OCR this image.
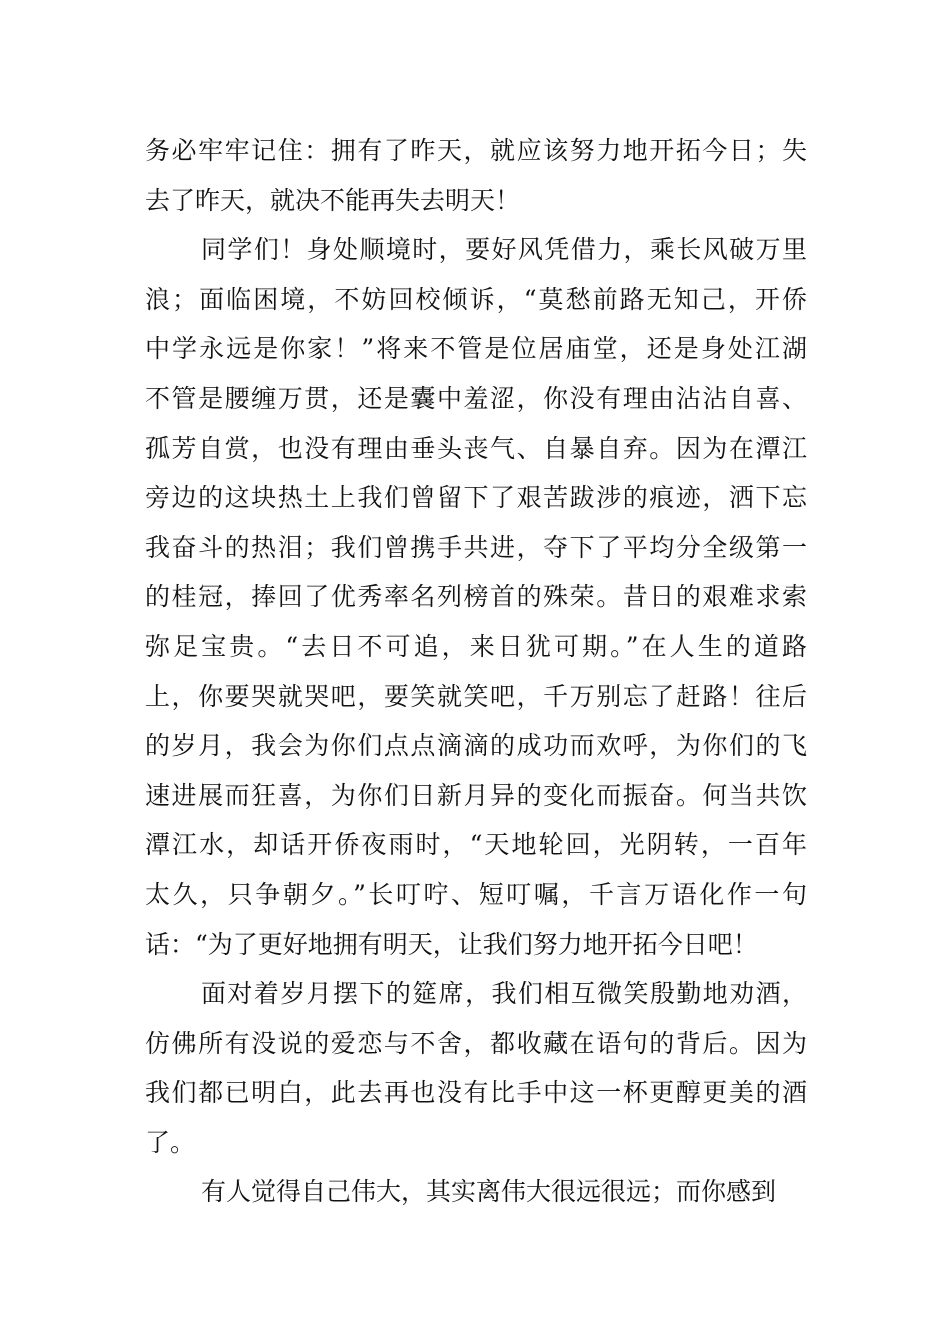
务必牢牢记住：拥有了昨天，就应该努力地开拓今日；失
去了昨天，就决不能再失去明天！
同学们！身处顺境时，要好风凭借力，乘长风破万里
浪；面临困境，不妨回校倾诉，“莫愁前路无知己，开侨
中学永远是你家！”将来不管是位居庙堂，还是身处江湖
不管是腰缠万贯，还是囊中羞涩，你没有理由沾沾自喜、
孤芳自赏，也没有理由垂头丧气、自暴自弃。因为在潭江
旁边的这块热土上我们曾留下了艰苦跋涉的痕迹，洒下忘
我奋斗的热泪；我们曾携手共进，夺下了平均分全级第一
的桂冠，捧回了优秀率名列榜首的殊荣。昔日的艰难求索
弥足宝贵。“去日不可追，来日犹可期。”在人生的道路
上，你要哭就哭吧，要笑就笑吧，千万别忘了赶路！往后
的岁月，我会为你们点点滴滴的成功而欢呼，为你们的飞
速进展而狂喜，为你们日新月异的变化而振奋。何当共饮
潭江水，却话开侨夜雨时，“天地轮回，光阴转，一百年
太久，只争朝夕。”长叮咛、短叮嘱，千言万语化作一句
话：“为了更好地拥有明天，让我们努力地开拓今日吧！
面对着岁月摆下的筵席，我们相互微笑殷勤地劝酒，
仿佛所有没说的爱恋与不舍，都收藏在语句的背后。因为
我们都已明白，此去再也没有比手中这一杯更醇更美的酒
了。
有人觉得自己伟大，其实离伟大很远很远；而你感到
